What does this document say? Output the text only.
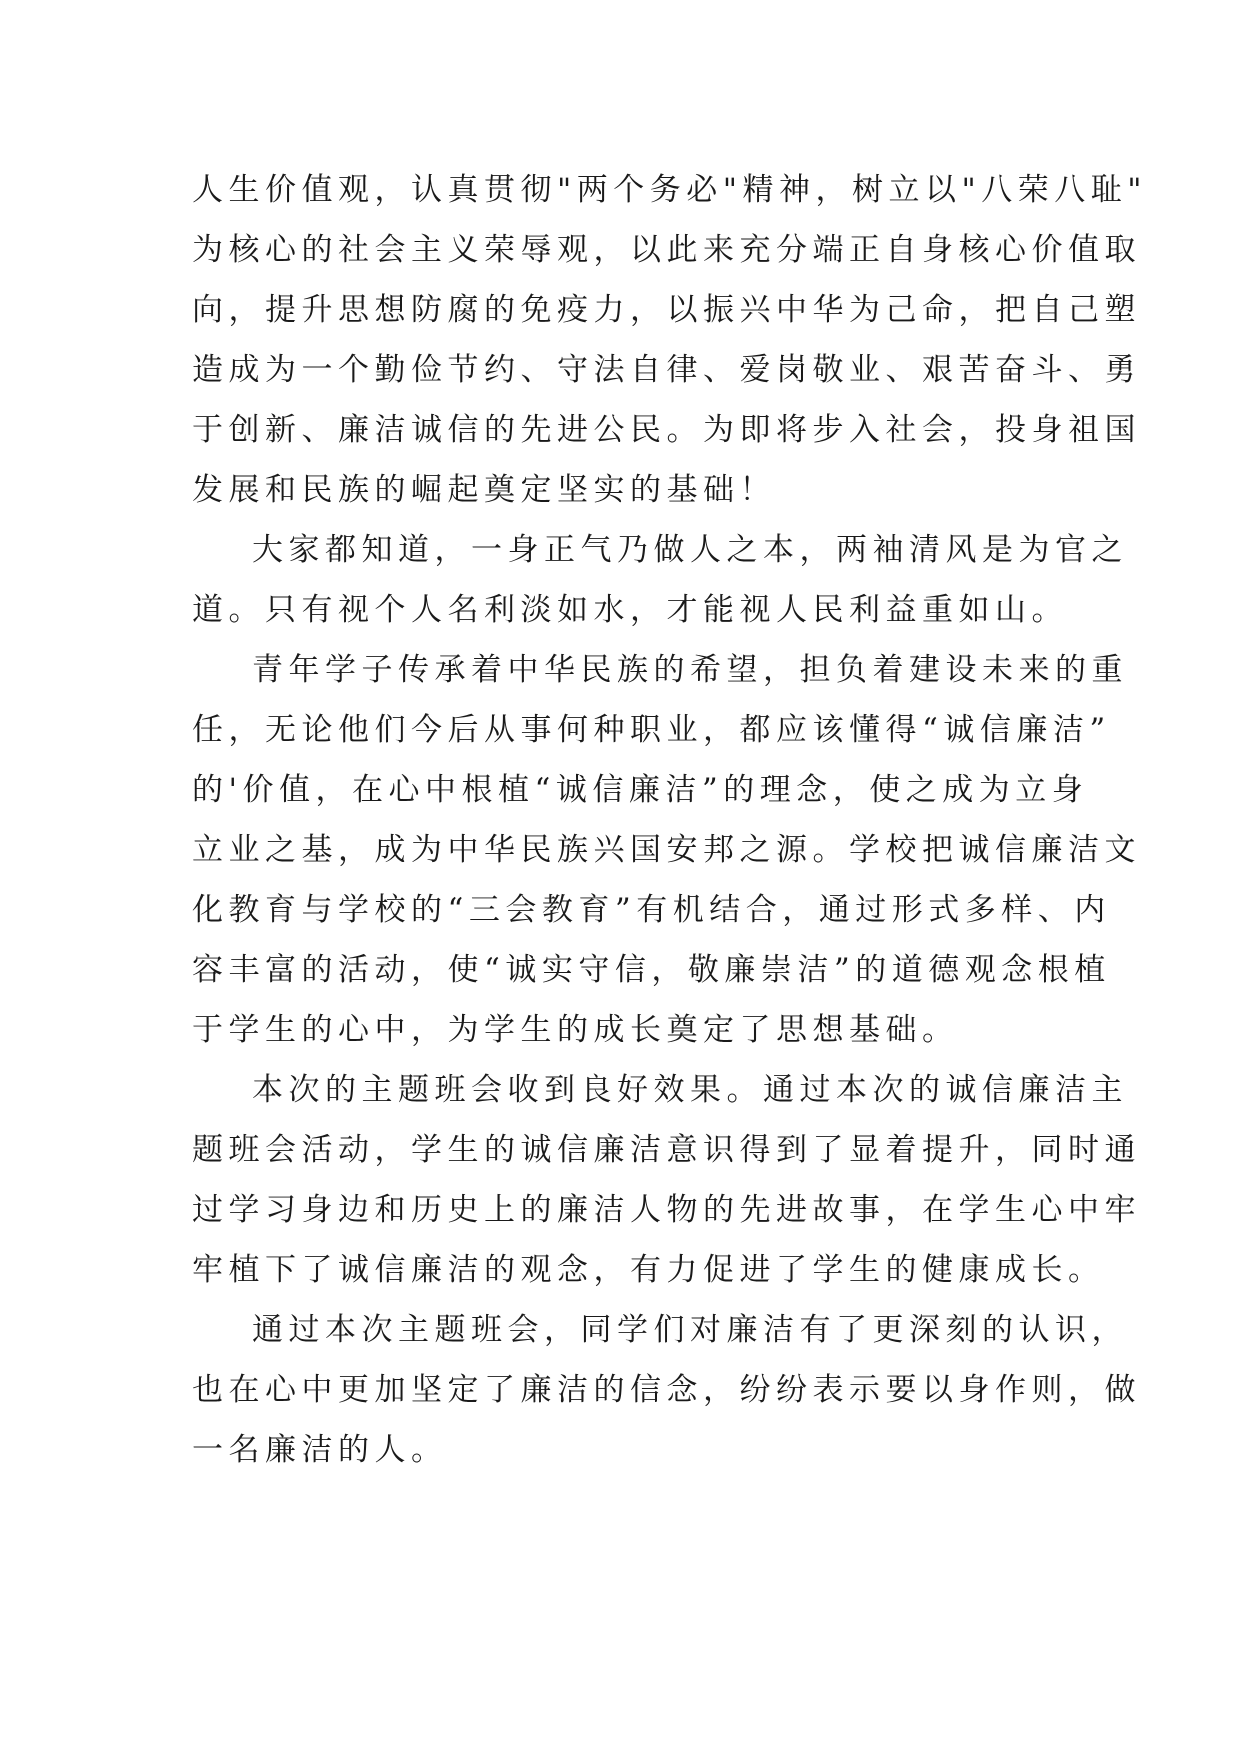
人生价值观，认真贯彻"两个务必"精神，树立以"八荣八耻"
为核心的社会主义荣辱观，以此来充分端正自身核心价值取
向，提升思想防腐的免疫力，以振兴中华为己命，把自己塑
造成为一个勤俭节约、守法自律、爱岗敬业、艰苦奋斗、勇
于创新、廉洁诚信的先进公民。为即将步入社会，投身祖国
发展和民族的崛起奠定坚实的基础！
大家都知道，一身正气乃做人之本，两袖清风是为官之
道。只有视个人名利淡如水，才能视人民利益重如山。
青年学子传承着中华民族的希望，担负着建设未来的重
任，无论他们今后从事何种职业，都应该懂得“诚信廉洁”
的'价值，在心中根植“诚信廉洁”的理念，使之成为立身
立业之基，成为中华民族兴国安邦之源。学校把诚信廉洁文
化教育与学校的“三会教育”有机结合，通过形式多样、内
容丰富的活动，使“诚实守信，敬廉崇洁”的道德观念根植
于学生的心中，为学生的成长奠定了思想基础。
本次的主题班会收到良好效果。通过本次的诚信廉洁主
题班会活动，学生的诚信廉洁意识得到了显着提升，同时通
过学习身边和历史上的廉洁人物的先进故事，在学生心中牢
牢植下了诚信廉洁的观念，有力促进了学生的健康成长。
通过本次主题班会，同学们对廉洁有了更深刻的认识，
也在心中更加坚定了廉洁的信念，纷纷表示要以身作则，做
一名廉洁的人。
